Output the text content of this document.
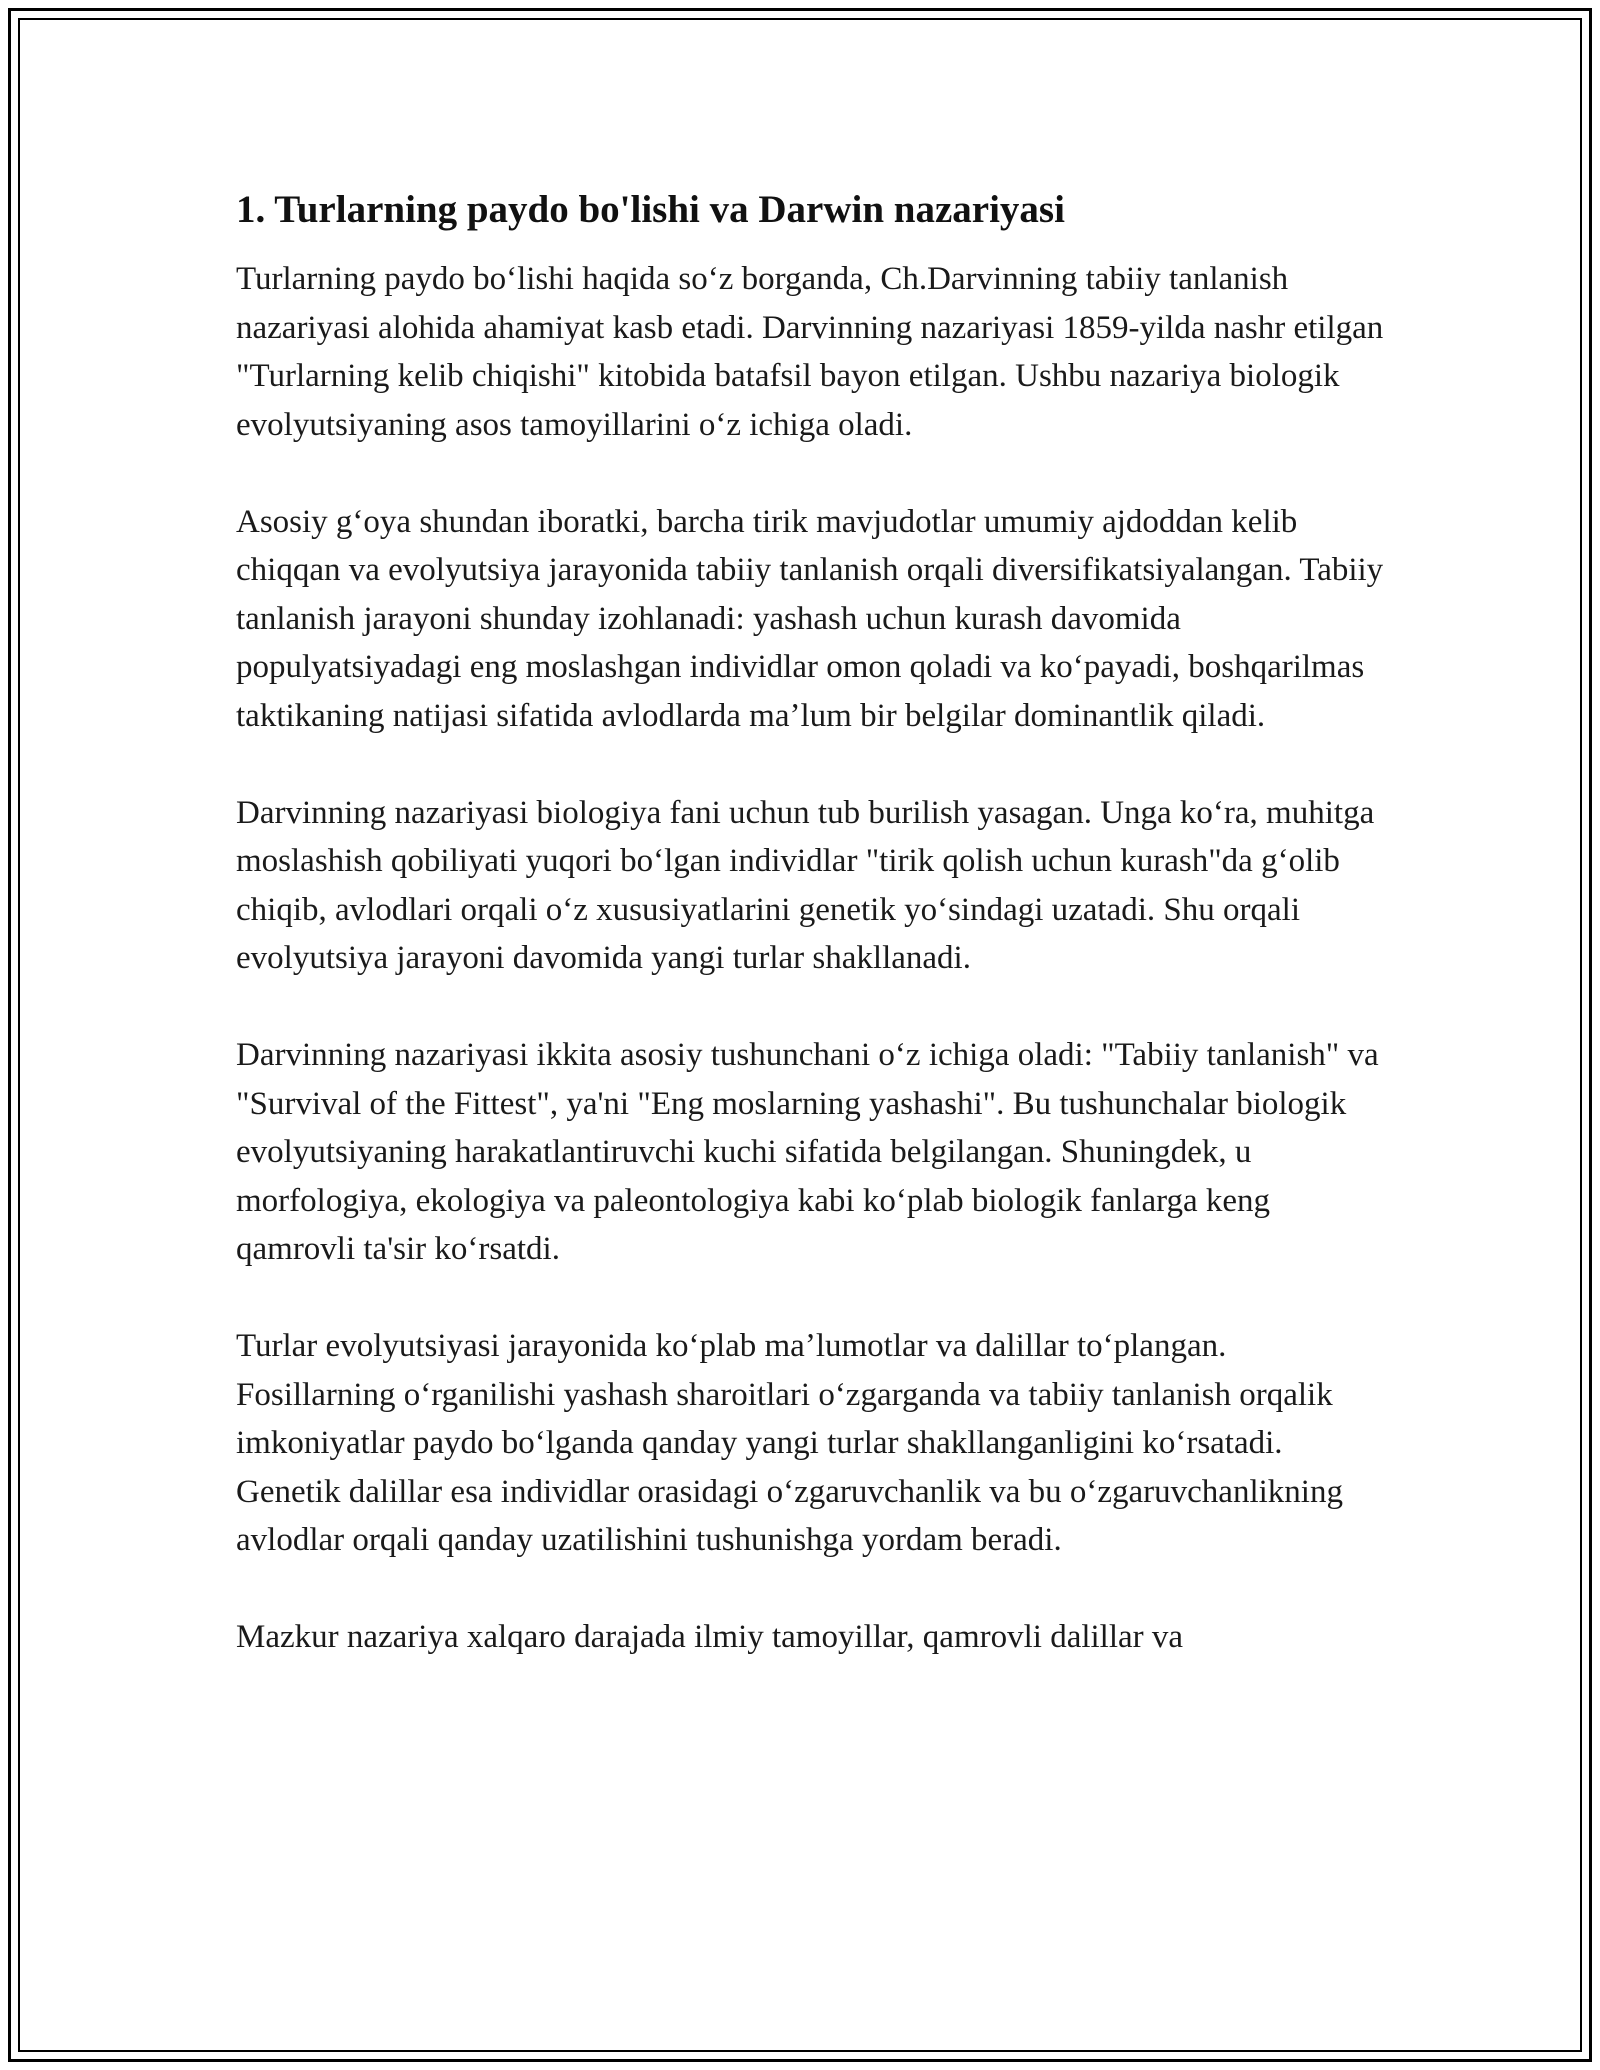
1. Turlarning paydo bo'lishi va Darwin nazariyasi

Turlarning paydo boʻlishi haqida soʻz borganda, Ch.Darvinning tabiiy tanlanish nazariyasi alohida ahamiyat kasb etadi. Darvinning nazariyasi 1859-yilda nashr etilgan "Turlarning kelib chiqishi" kitobida batafsil bayon etilgan. Ushbu nazariya biologik evolyutsiyaning asos tamoyillarini oʻz ichiga oladi.

Asosiy gʻoya shundan iboratki, barcha tirik mavjudotlar umumiy ajdoddan kelib chiqqan va evolyutsiya jarayonida tabiiy tanlanish orqali diversifikatsiyalangan. Tabiiy tanlanish jarayoni shunday izohlanadi: yashash uchun kurash davomida populyatsiyadagi eng moslashgan individlar omon qoladi va koʻpayadi, boshqarilmas taktikaning natijasi sifatida avlodlarda maʼlum bir belgilar dominantlik qiladi.

Darvinning nazariyasi biologiya fani uchun tub burilish yasagan. Unga koʻra, muhitga moslashish qobiliyati yuqori boʻlgan individlar "tirik qolish uchun kurash"da gʻolib chiqib, avlodlari orqali oʻz xususiyatlarini genetik yoʻsindagi uzatadi. Shu orqali evolyutsiya jarayoni davomida yangi turlar shakllanadi.

Darvinning nazariyasi ikkita asosiy tushunchani oʻz ichiga oladi: "Tabiiy tanlanish" va "Survival of the Fittest", ya'ni "Eng moslarning yashashi". Bu tushunchalar biologik evolyutsiyaning harakatlantiruvchi kuchi sifatida belgilangan. Shuningdek, u morfologiya, ekologiya va paleontologiya kabi koʻplab biologik fanlarga keng qamrovli ta'sir koʻrsatdi.

Turlar evolyutsiyasi jarayonida koʻplab maʼlumotlar va dalillar toʻplangan. Fosillarning oʻrganilishi yashash sharoitlari oʻzgarganda va tabiiy tanlanish orqalik imkoniyatlar paydo boʻlganda qanday yangi turlar shakllanganligini koʻrsatadi. Genetik dalillar esa individlar orasidagi oʻzgaruvchanlik va bu oʻzgaruvchanlikning avlodlar orqali qanday uzatilishini tushunishga yordam beradi.

Mazkur nazariya xalqaro darajada ilmiy tamoyillar, qamrovli dalillar va
